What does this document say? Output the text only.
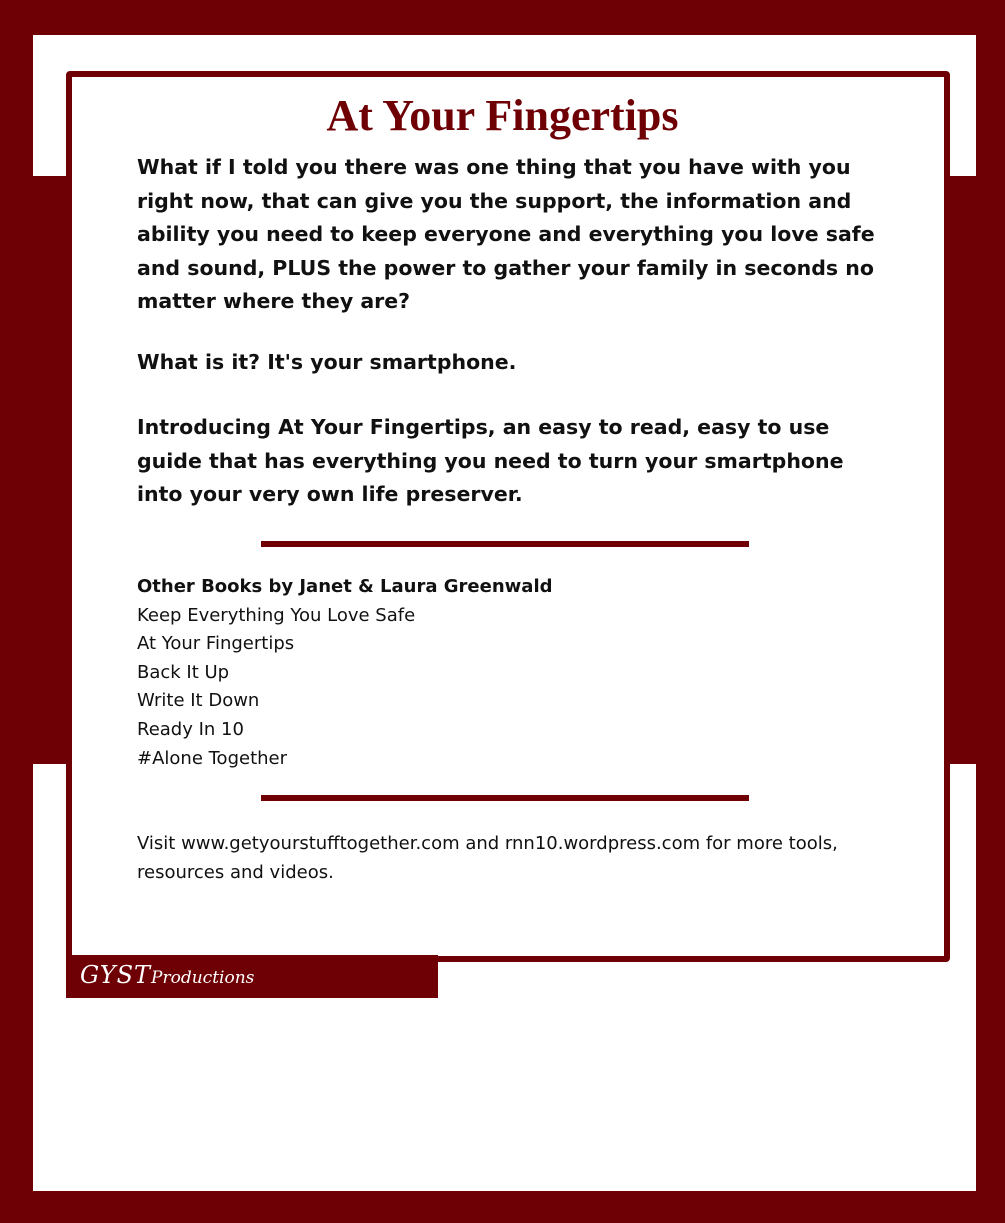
At Your Fingertips

What if I told you there was one thing that you have with you right now, that can give you the support, the information and ability you need to keep everyone and everything you love safe and sound, PLUS the power to gather your family in seconds no matter where they are?

What is it? It's your smartphone.

Introducing At Your Fingertips, an easy to read, easy to use guide that has everything you need to turn your smartphone into your very own life preserver.

Other Books by Janet & Laura Greenwald
Keep Everything You Love Safe
At Your Fingertips
Back It Up
Write It Down
Ready In 10
#Alone Together

Visit www.getyourstufftogether.com and rnn10.wordpress.com for more tools, resources and videos.

GYSTProductions
